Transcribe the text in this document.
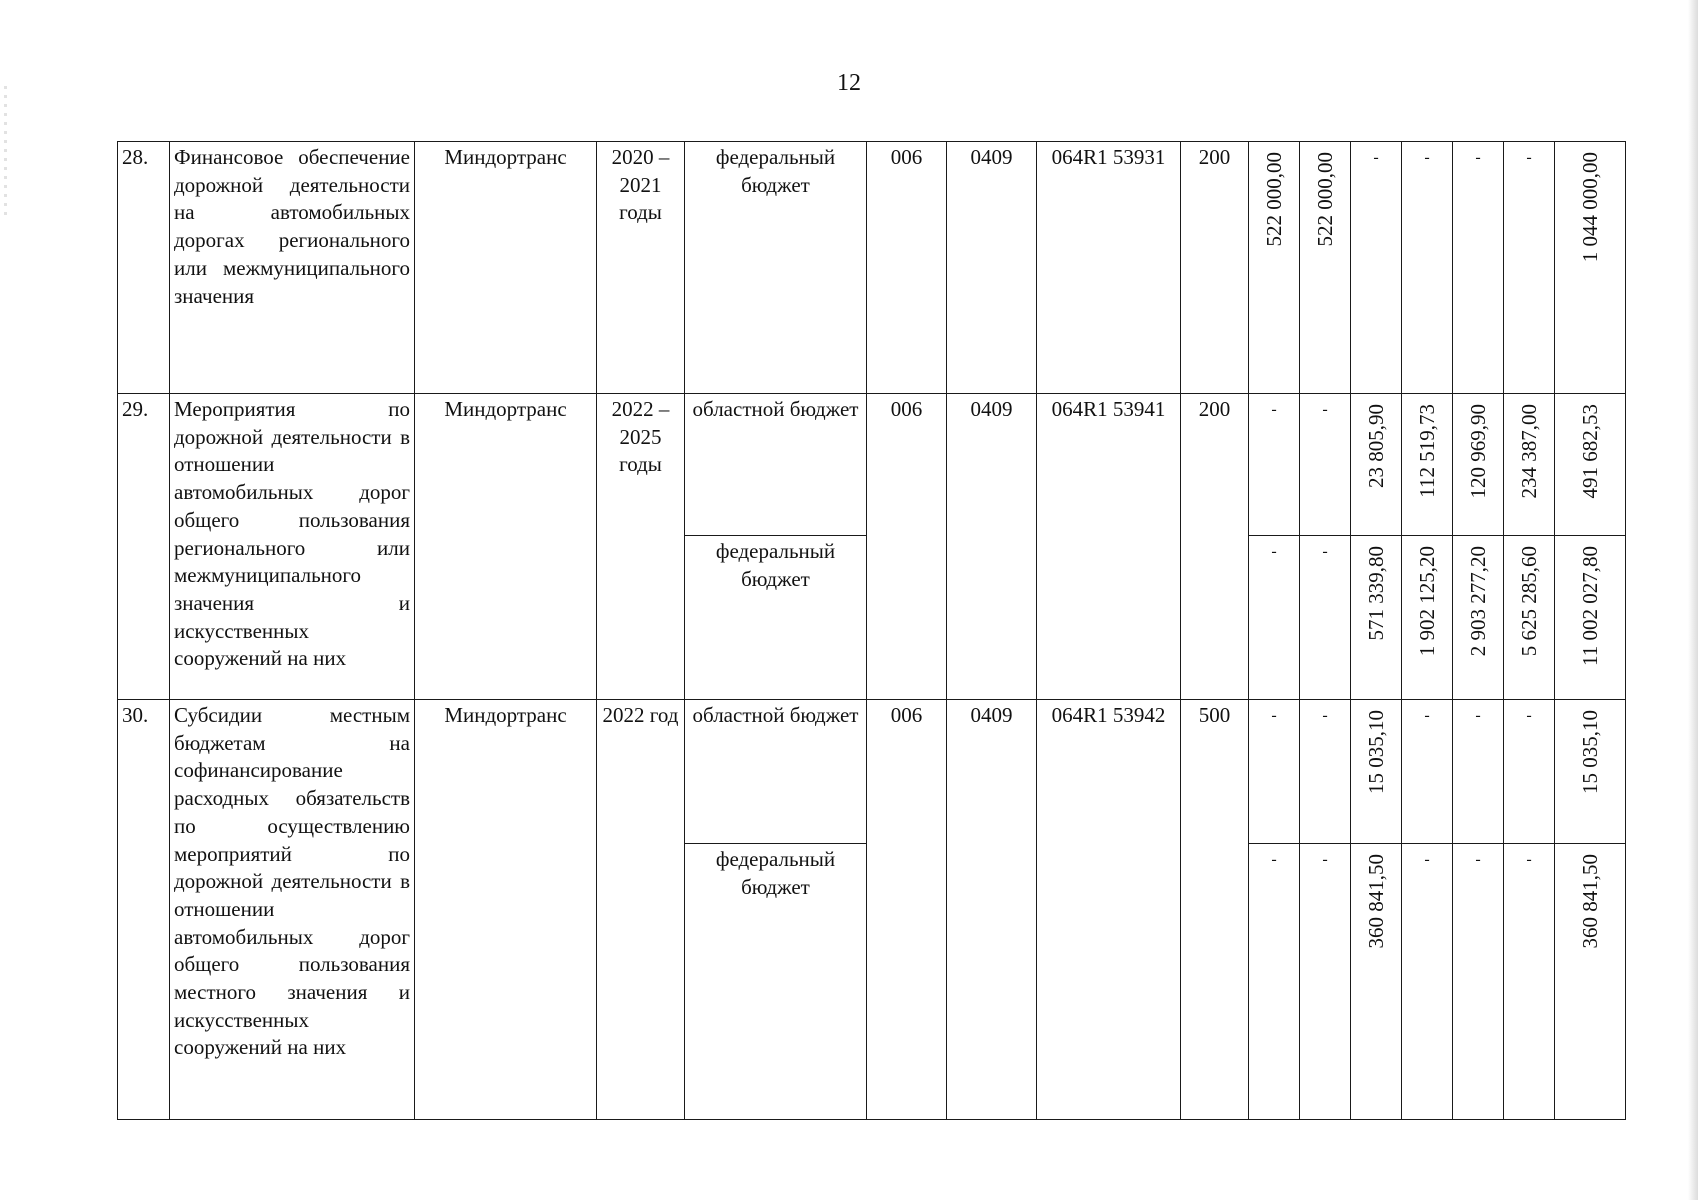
12
28.	Финансовое обеспечение дорожной деятельности на автомобильных дорогах регионального или межмуниципального значения	Миндортранс	2020 – 2021 годы	федеральный бюджет	006	0409	064R1 53931	200	522 000,00	522 000,00	-	-	-	-	1 044 000,00

29.	Мероприятия по дорожной деятельности в отношении автомобильных дорог общего пользования регионального или межмуниципального значения и искусственных сооружений на них	Миндортранс	2022 – 2025 годы	областной бюджет	006	0409	064R1 53941	200	-	-	23 805,90	112 519,73	120 969,90	234 387,00	491 682,53

				федеральный бюджет					-	-	571 339,80	1 902 125,20	2 903 277,20	5 625 285,60	11 002 027,80

30.	Субсидии местным бюджетам на софинансирование расходных обязательств по осуществлению мероприятий по дорожной деятельности в отношении автомобильных дорог общего пользования местного значения и искусственных сооружений на них	Миндортранс	2022 год	областной бюджет	006	0409	064R1 53942	500	-	-	15 035,10	-	-	-	15 035,10

				федеральный бюджет					-	-	360 841,50	-	-	-	360 841,50
